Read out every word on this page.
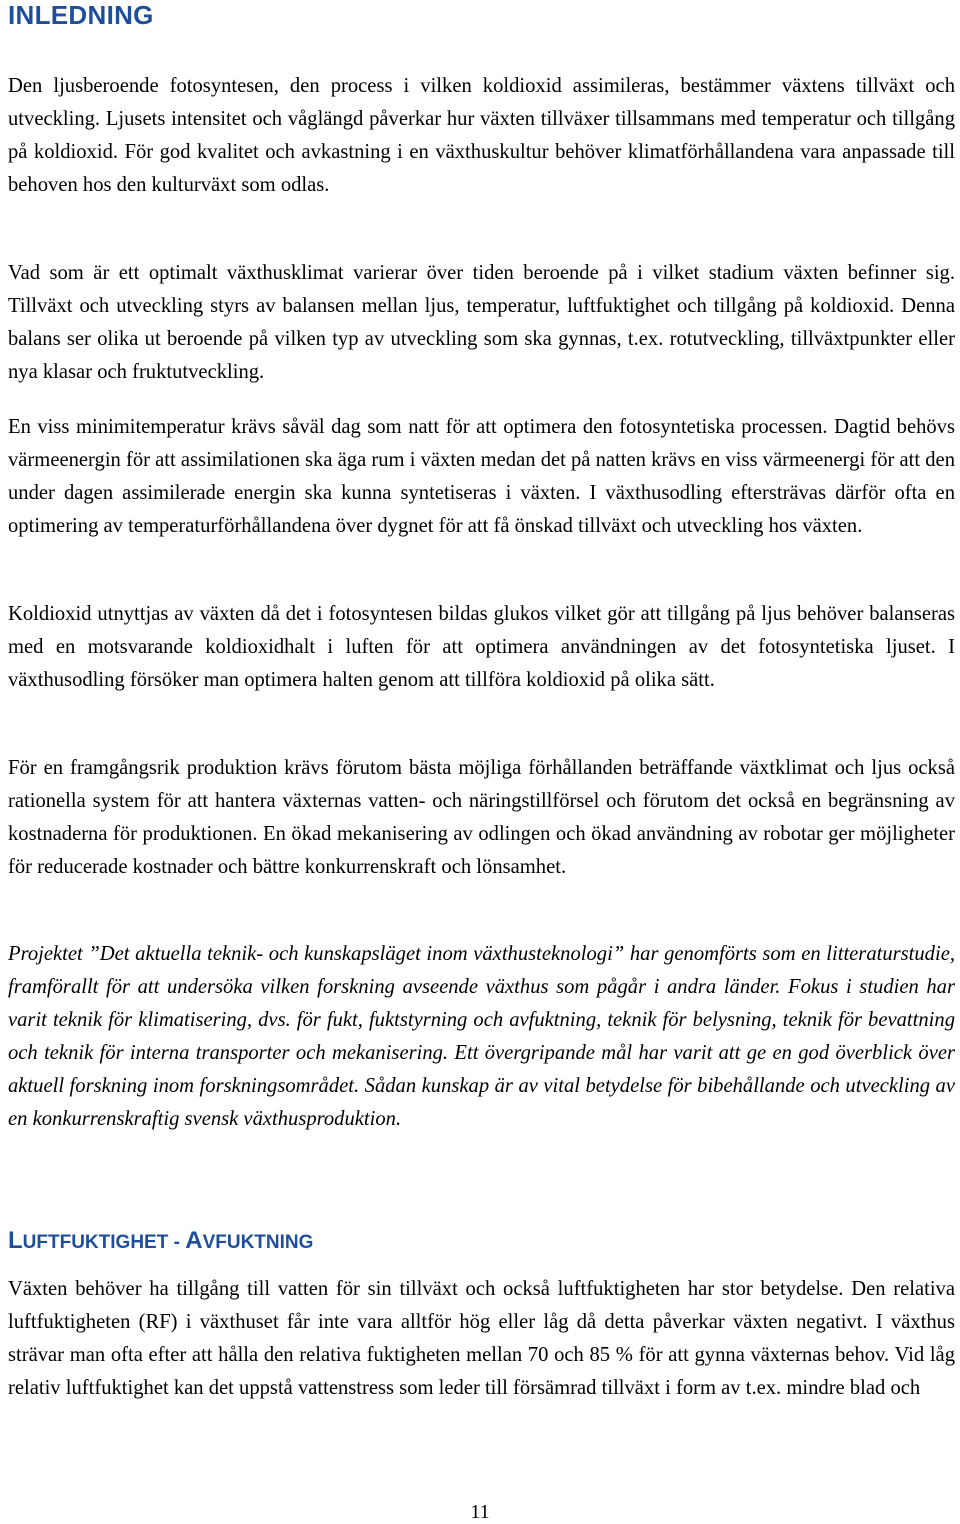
INLEDNING

Den ljusberoende fotosyntesen, den process i vilken koldioxid assimileras, bestämmer växtens tillväxt och utveckling. Ljusets intensitet och våglängd påverkar hur växten tillväxer tillsammans med temperatur och tillgång på koldioxid. För god kvalitet och avkastning i en växthuskultur behöver klimatförhållandena vara anpassade till behoven hos den kulturväxt som odlas.

Vad som är ett optimalt växthusklimat varierar över tiden beroende på i vilket stadium växten befinner sig. Tillväxt och utveckling styrs av balansen mellan ljus, temperatur, luftfuktighet och tillgång på koldioxid. Denna balans ser olika ut beroende på vilken typ av utveckling som ska gynnas, t.ex. rotutveckling, tillväxtpunkter eller nya klasar och fruktutveckling.

En viss minimitemperatur krävs såväl dag som natt för att optimera den fotosyntetiska processen. Dagtid behövs värmeenergin för att assimilationen ska äga rum i växten medan det på natten krävs en viss värmeenergi för att den under dagen assimilerade energin ska kunna syntetiseras i växten. I växthusodling eftersträvas därför ofta en optimering av temperaturförhållandena över dygnet för att få önskad tillväxt och utveckling hos växten.

Koldioxid utnyttjas av växten då det i fotosyntesen bildas glukos vilket gör att tillgång på ljus behöver balanseras med en motsvarande koldioxidhalt i luften för att optimera användningen av det fotosyntetiska ljuset. I växthusodling försöker man optimera halten genom att tillföra koldioxid på olika sätt.

För en framgångsrik produktion krävs förutom bästa möjliga förhållanden beträffande växtklimat och ljus också rationella system för att hantera växternas vatten- och näringstillförsel och förutom det också en begränsning av kostnaderna för produktionen. En ökad mekanisering av odlingen och ökad användning av robotar ger möjligheter för reducerade kostnader och bättre konkurrenskraft och lönsamhet.

Projektet ”Det aktuella teknik- och kunskapsläget inom växthusteknologi” har genomförts som en litteraturstudie, framförallt för att undersöka vilken forskning avseende växthus som pågår i andra länder. Fokus i studien har varit teknik för klimatisering, dvs. för fukt, fuktstyrning och avfuktning, teknik för belysning, teknik för bevattning och teknik för interna transporter och mekanisering. Ett övergripande mål har varit att ge en god överblick över aktuell forskning inom forskningsområdet. Sådan kunskap är av vital betydelse för bibehållande och utveckling av en konkurrenskraftig svensk växthusproduktion.

LUFTFUKTIGHET - AVFUKTNING

Växten behöver ha tillgång till vatten för sin tillväxt och också luftfuktigheten har stor betydelse. Den relativa luftfuktigheten (RF) i växthuset får inte vara alltför hög eller låg då detta påverkar växten negativt. I växthus strävar man ofta efter att hålla den relativa fuktigheten mellan 70 och 85 % för att gynna växternas behov. Vid låg relativ luftfuktighet kan det uppstå vattenstress som leder till försämrad tillväxt i form av t.ex. mindre blad och

11
